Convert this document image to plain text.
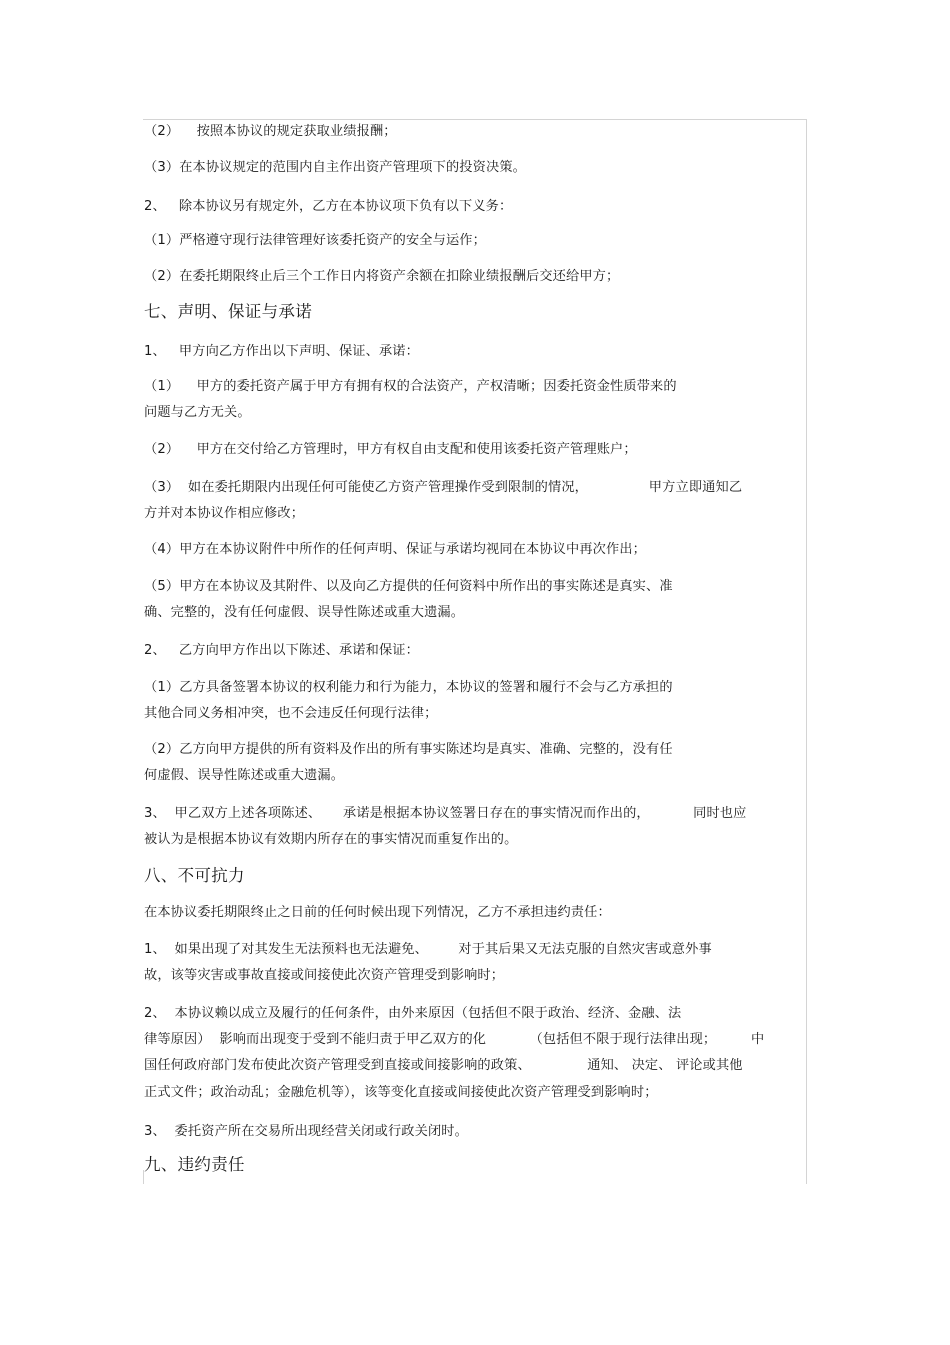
（2）    按照本协议的规定获取业绩报酬；
（3）在本协议规定的范围内自主作出资产管理项下的投资决策。
2、   除本协议另有规定外，乙方在本协议项下负有以下义务：
（1）严格遵守现行法律管理好该委托资产的安全与运作；
（2）在委托期限终止后三个工作日内将资产余额在扣除业绩报酬后交还给甲方；
七、声明、保证与承诺
1、   甲方向乙方作出以下声明、保证、承诺：
（1）    甲方的委托资产属于甲方有拥有权的合法资产，产权清晰；因委托资金性质带来的
问题与乙方无关。
（2）    甲方在交付给乙方管理时，甲方有权自由支配和使用该委托资产管理账户；
（3）  如在委托期限内出现任何可能使乙方资产管理操作受到限制的情况，              甲方立即通知乙
方并对本协议作相应修改；
（4）甲方在本协议附件中所作的任何声明、保证与承诺均视同在本协议中再次作出；
（5）甲方在本协议及其附件、以及向乙方提供的任何资料中所作出的事实陈述是真实、准
确、完整的，没有任何虚假、误导性陈述或重大遗漏。
2、   乙方向甲方作出以下陈述、承诺和保证：
（1）乙方具备签署本协议的权利能力和行为能力，本协议的签署和履行不会与乙方承担的
其他合同义务相冲突，也不会违反任何现行法律；
（2）乙方向甲方提供的所有资料及作出的所有事实陈述均是真实、准确、完整的，没有任
何虚假、误导性陈述或重大遗漏。
3、  甲乙双方上述各项陈述、     承诺是根据本协议签署日存在的事实情况而作出的，          同时也应
被认为是根据本协议有效期内所存在的事实情况而重复作出的。
八、不可抗力
在本协议委托期限终止之日前的任何时候出现下列情况，乙方不承担违约责任：
1、  如果出现了对其发生无法预料也无法避免、       对于其后果又无法克服的自然灾害或意外事
故，该等灾害或事故直接或间接使此次资产管理受到影响时；
2、  本协议赖以成立及履行的任何条件，由外来原因（包括但不限于政治、经济、金融、法
律等原因）  影响而出现变于受到不能归责于甲乙双方的化          （包括但不限于现行法律出现；        中
国任何政府部门发布使此次资产管理受到直接或间接影响的政策、             通知、 决定、 评论或其他
正式文件；政治动乱；金融危机等），该等变化直接或间接使此次资产管理受到影响时；
3、  委托资产所在交易所出现经营关闭或行政关闭时。
九、违约责任
